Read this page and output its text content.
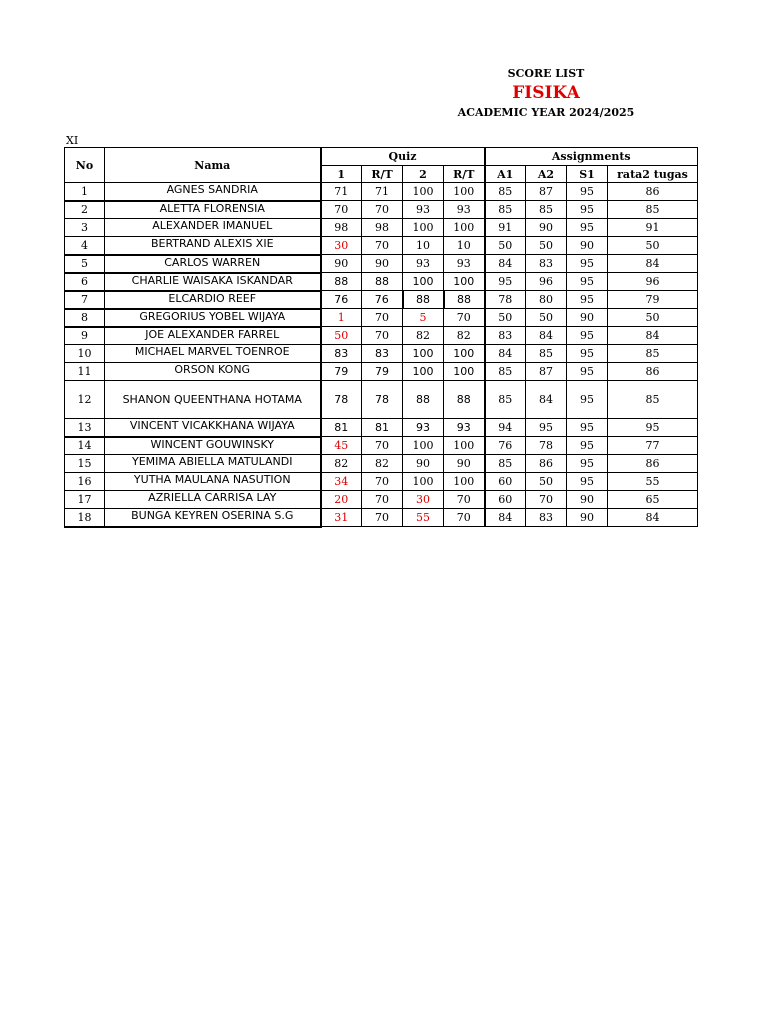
SCORE LIST
FISIKA
ACADEMIC YEAR 2024/2025
XI
No	Nama	Quiz				Assignments			
		1	R/T	2	R/T	A1	A2	S1	rata2 tugas
1	AGNES SANDRIA	71	71	100	100	85	87	95	86
2	ALETTA FLORENSIA	70	70	93	93	85	85	95	85
3	ALEXANDER IMANUEL	98	98	100	100	91	90	95	91
4	BERTRAND ALEXIS XIE	30	70	10	10	50	50	90	50
5	CARLOS WARREN	90	90	93	93	84	83	95	84
6	CHARLIE WAISAKA ISKANDAR	88	88	100	100	95	96	95	96
7	ELCARDIO REEF	76	76	88	88	78	80	95	79
8	GREGORIUS YOBEL WIJAYA	1	70	5	70	50	50	90	50
9	JOE ALEXANDER FARREL	50	70	82	82	83	84	95	84
10	MICHAEL MARVEL TOENROE	83	83	100	100	84	85	95	85
11	ORSON KONG	79	79	100	100	85	87	95	86
12	SHANON QUEENTHANA HOTAMA	78	78	88	88	85	84	95	85
13	VINCENT VICAKKHANA WIJAYA	81	81	93	93	94	95	95	95
14	WINCENT GOUWINSKY	45	70	100	100	76	78	95	77
15	YEMIMA ABIELLA MATULANDI	82	82	90	90	85	86	95	86
16	YUTHA MAULANA NASUTION	34	70	100	100	60	50	95	55
17	AZRIELLA CARRISA LAY	20	70	30	70	60	70	90	65
18	BUNGA KEYREN OSERINA S.G	31	70	55	70	84	83	90	84
